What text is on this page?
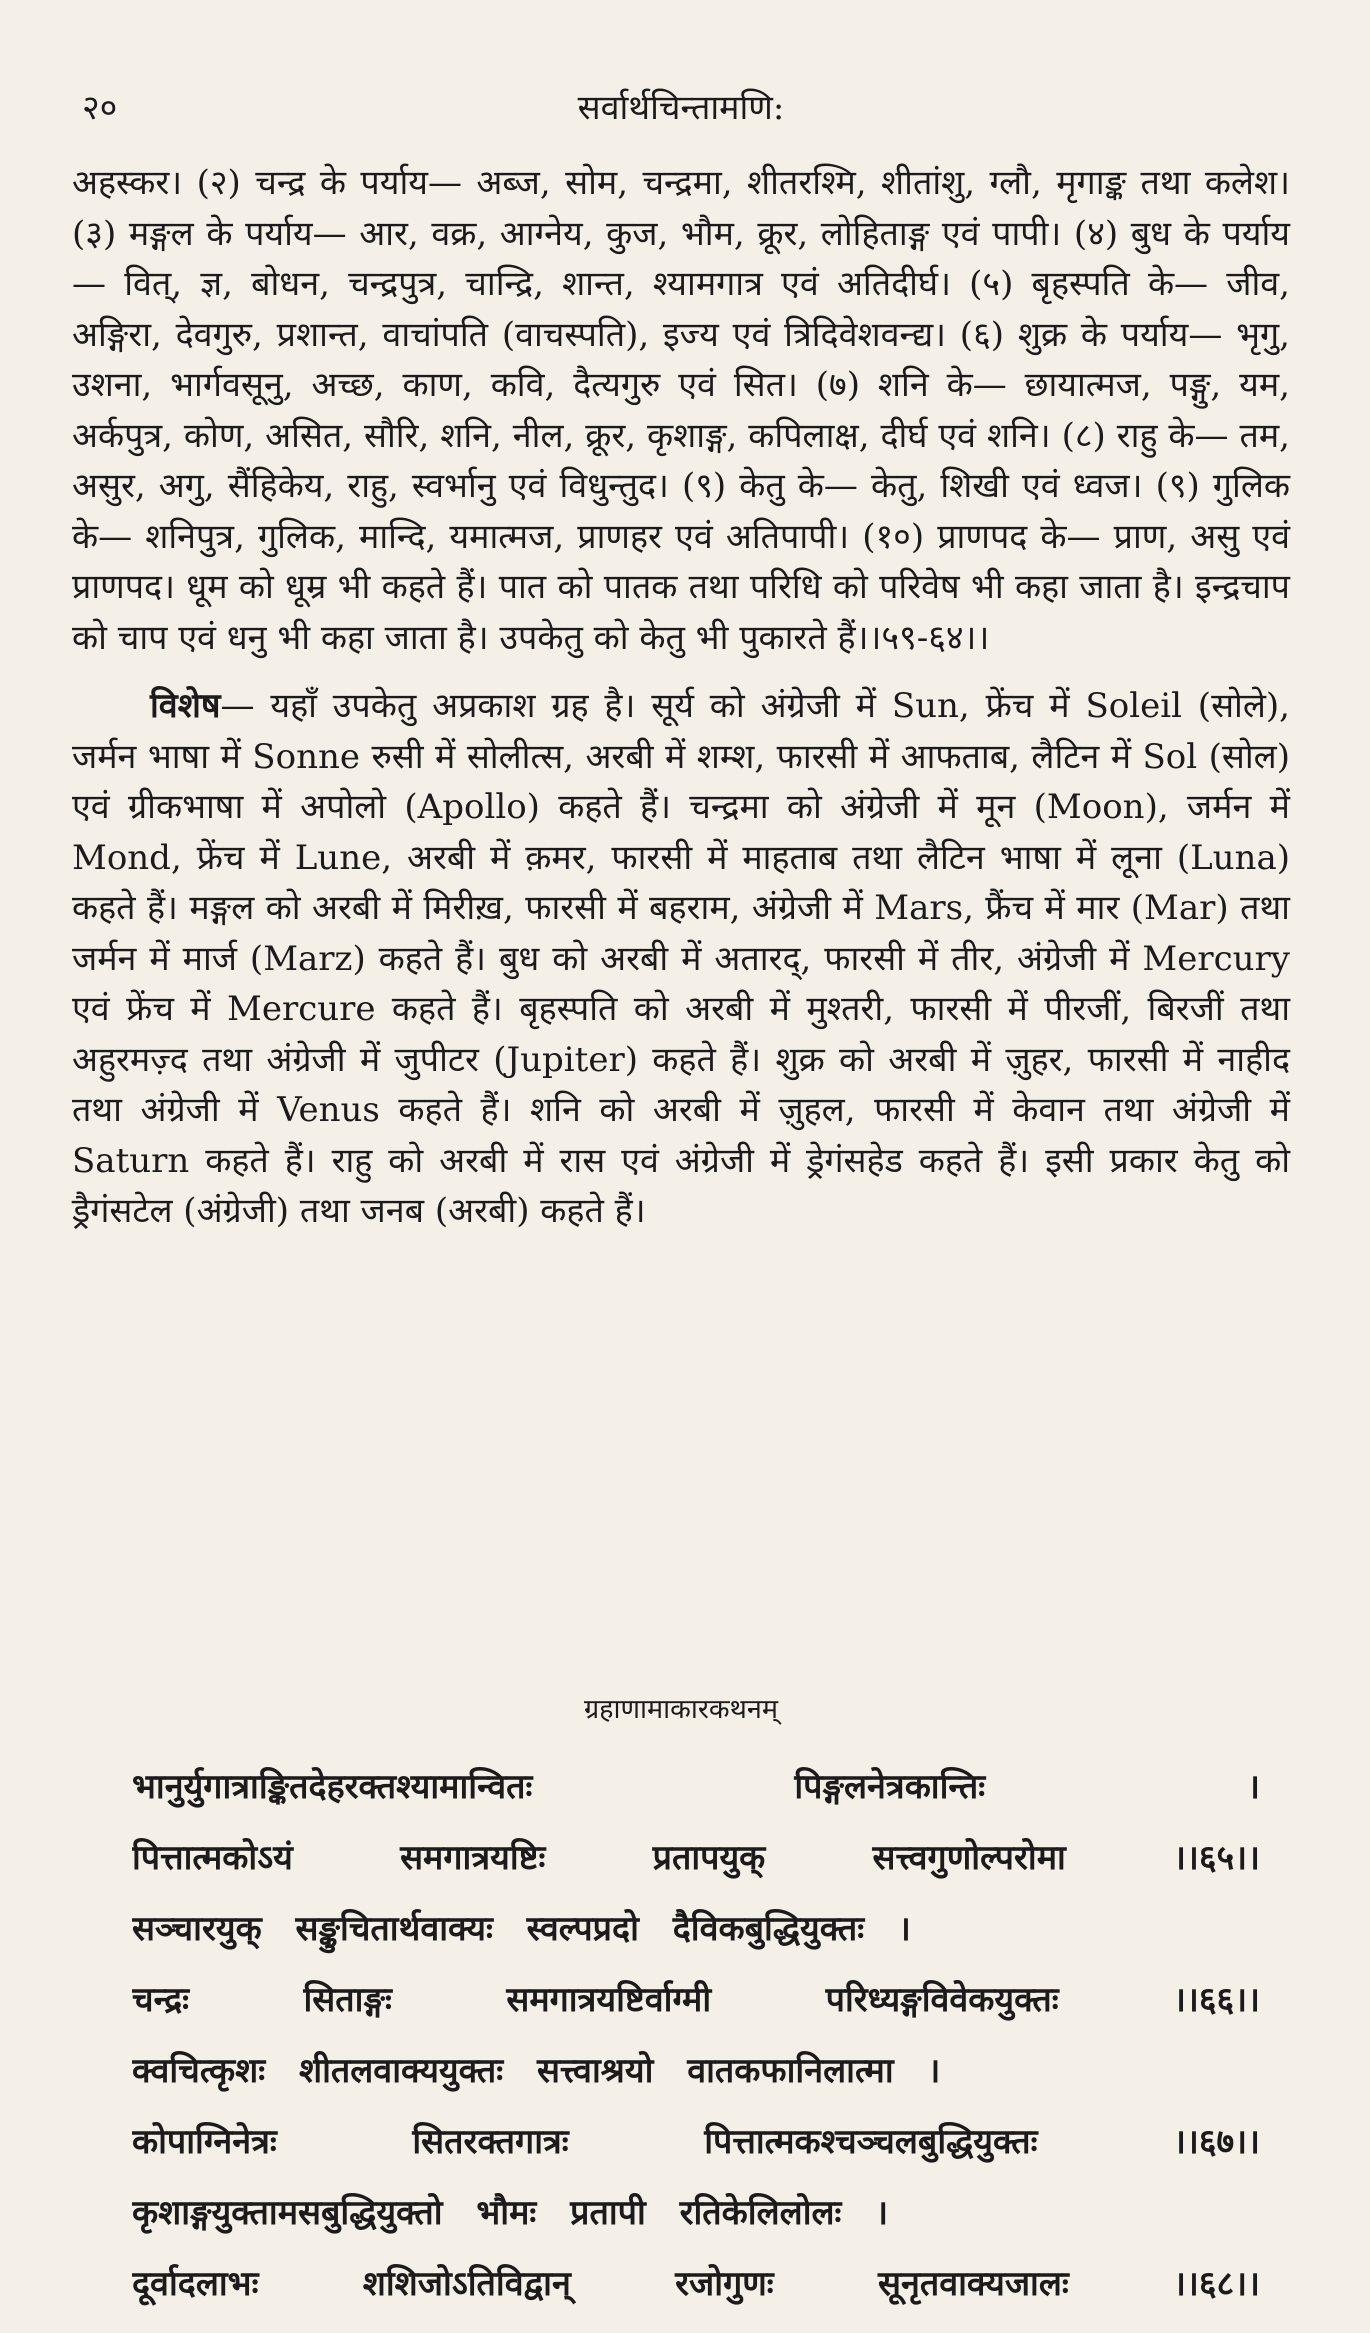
२०	सर्वार्थचिन्तामणि:

अहस्कर। (२) चन्द्र के पर्याय— अब्ज, सोम, चन्द्रमा, शीतरश्मि, शीतांशु, ग्लौ, मृगाङ्क तथा कलेश। (३) मङ्गल के पर्याय— आर, वक्र, आग्नेय, कुज, भौम, क्रूर, लोहिताङ्ग एवं पापी। (४) बुध के पर्याय— वित्, ज्ञ, बोधन, चन्द्रपुत्र, चान्द्रि, शान्त, श्यामगात्र एवं अतिदीर्घ। (५) बृहस्पति के— जीव, अङ्गिरा, देवगुरु, प्रशान्त, वाचांपति (वाचस्पति), इज्य एवं त्रिदिवेशवन्द्य। (६) शुक्र के पर्याय— भृगु, उशना, भार्गवसूनु, अच्छ, काण, कवि, दैत्यगुरु एवं सित। (७) शनि के— छायात्मज, पङ्गु, यम, अर्कपुत्र, कोण, असित, सौरि, शनि, नील, क्रूर, कृशाङ्ग, कपिलाक्ष, दीर्घ एवं शनि। (८) राहु के— तम, असुर, अगु, सैंहिकेय, राहु, स्वर्भानु एवं विधुन्तुद। (९) केतु के— केतु, शिखी एवं ध्वज। (९) गुलिक के— शनिपुत्र, गुलिक, मान्दि, यमात्मज, प्राणहर एवं अतिपापी। (१०) प्राणपद के— प्राण, असु एवं प्राणपद। धूम को धूम्र भी कहते हैं। पात को पातक तथा परिधि को परिवेष भी कहा जाता है। इन्द्रचाप को चाप एवं धनु भी कहा जाता है। उपकेतु को केतु भी पुकारते हैं।।५९-६४।।

विशेष— यहाँ उपकेतु अप्रकाश ग्रह है। सूर्य को अंग्रेजी में Sun, फ्रेंच में Soleil (सोले), जर्मन भाषा में Sonne रुसी में सोलीत्स, अरबी में शम्श, फारसी में आफताब, लैटिन में Sol (सोल) एवं ग्रीकभाषा में अपोलो (Apollo) कहते हैं। चन्द्रमा को अंग्रेजी में मून (Moon), जर्मन में Mond, फ्रेंच में Lune, अरबी में क़मर, फारसी में माहताब तथा लैटिन भाषा में लूना (Luna) कहते हैं। मङ्गल को अरबी में मिरीख़, फारसी में बहराम, अंग्रेजी में Mars, फ्रैंच में मार (Mar) तथा जर्मन में मार्ज (Marz) कहते हैं। बुध को अरबी में अतारद्, फारसी में तीर, अंग्रेजी में Mercury एवं फ्रेंच में Mercure कहते हैं। बृहस्पति को अरबी में मुश्तरी, फारसी में पीरजीं, बिरजीं तथा अहुरमज़्द तथा अंग्रेजी में जुपीटर (Jupiter) कहते हैं। शुक्र को अरबी में ज़ुहर, फारसी में नाहीद तथा अंग्रेजी में Venus कहते हैं। शनि को अरबी में ज़ुहल, फारसी में केवान तथा अंग्रेजी में Saturn कहते हैं। राहु को अरबी में रास एवं अंग्रेजी में ड्रेगंसहेड कहते हैं। इसी प्रकार केतु को ड्रैगंसटेल (अंग्रेजी) तथा जनब (अरबी) कहते हैं।

ग्रहाणामाकारकथनम्
भानुर्युगात्राङ्कितदेहरक्तश्यामान्वितः पिङ्गलनेत्रकान्तिः ।
पित्तात्मकोऽयं समगात्रयष्टिः प्रतापयुक् सत्त्वगुणोल्परोमा ।।६५।।
सञ्चारयुक् सङ्कुचितार्थवाक्यः स्वल्पप्रदो दैविकबुद्धियुक्तः ।
चन्द्रः सिताङ्गः समगात्रयष्टिर्वाग्मी परिध्यङ्गविवेकयुक्तः ।।६६।।
क्वचित्कृशः शीतलवाक्ययुक्तः सत्त्वाश्रयो वातकफानिलात्मा ।
कोपाग्निनेत्रः सितरक्तगात्रः पित्तात्मकश्चञ्चलबुद्धियुक्तः ।।६७।।
कृशाङ्गयुक्तामसबुद्धियुक्तो भौमः प्रतापी रतिकेलिलोलः ।
दूर्वादलाभः शशिजोऽतिविद्वान् रजोगुणः सूनृतवाक्यजालः ।।६८।।
